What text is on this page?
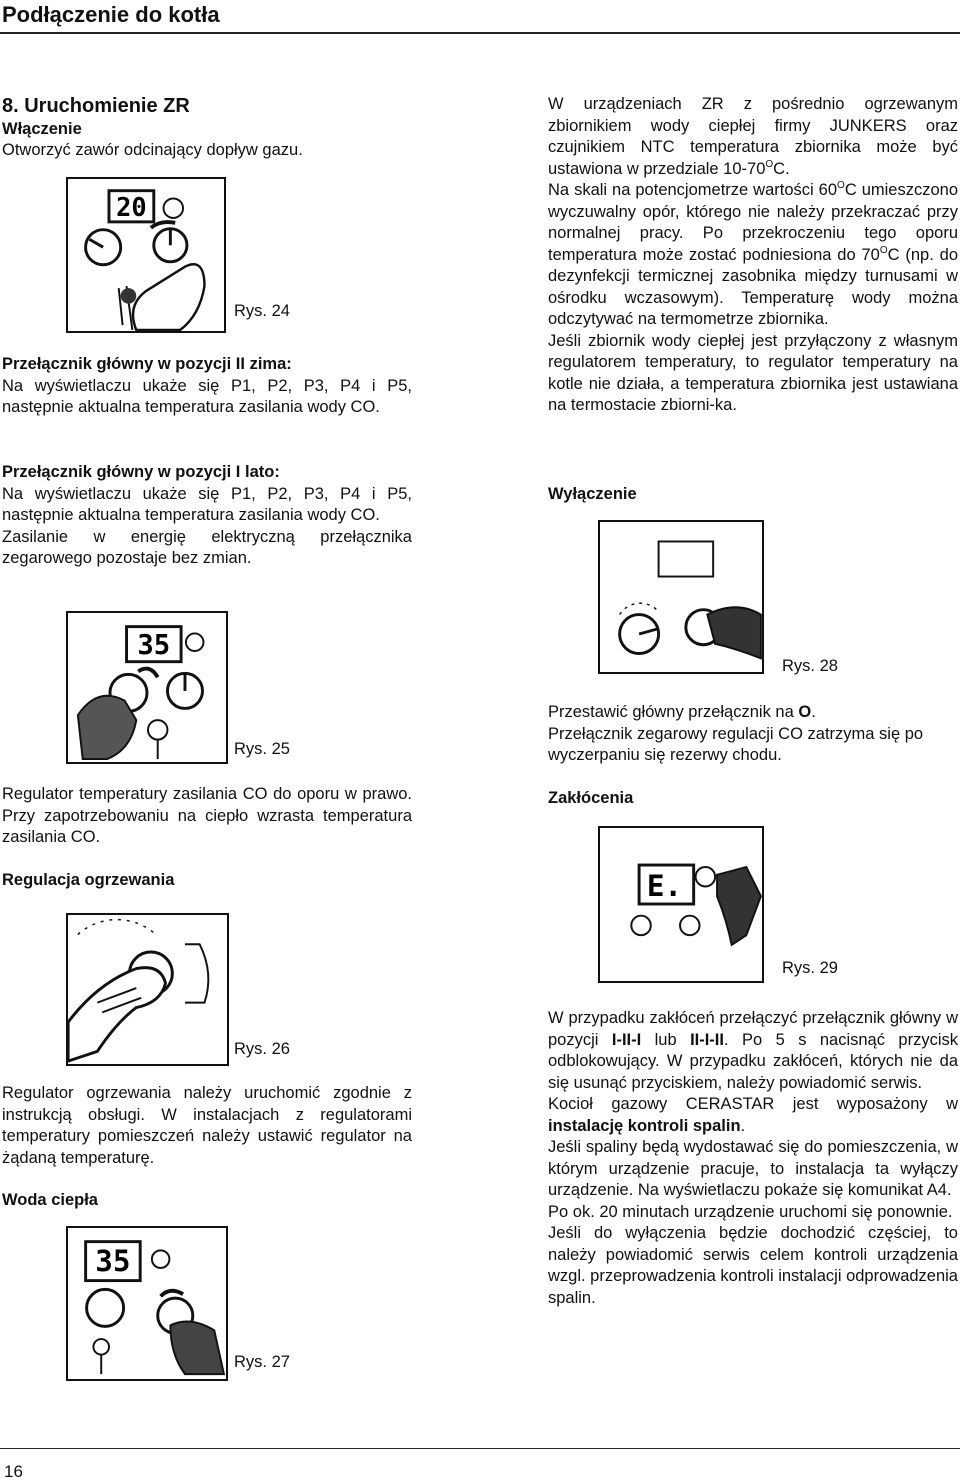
Podłączenie do kotła
8. Uruchomienie ZR
Włączenie
Otworzyć zawór odcinający dopływ gazu.
20
Rys. 24

Przełącznik główny w pozycji II zima:

Na wyświetlaczu ukaże się P1, P2, P3, P4 i P5, następnie aktualna temperatura zasilania wody CO.

Przełącznik główny w pozycji I lato:

Na wyświetlaczu ukaże się P1, P2, P3, P4 i P5, następnie aktualna temperatura zasilania wody CO.

Zasilanie w energię elektryczną przełącznika zegarowego pozostaje bez zmian.

35
Rys. 25
Regulator temperatury zasilania CO do oporu w prawo. Przy zapotrzebowaniu na ciepło wzrasta temperatura zasilania CO.
Regulacja ogrzewania
Rys. 26
Regulator ogrzewania należy uruchomić zgodnie z instrukcją obsługi. W instalacjach z regulatorami temperatury pomieszczeń należy ustawić regulator na żądaną temperaturę.
Woda ciepła
35
Rys. 27

W urządzeniach ZR z pośrednio ogrzewanym zbiornikiem wody ciepłej firmy JUNKERS oraz czujnikiem NTC temperatura zbiornika może być ustawiona w przedziale $10-70^OC$.

Na skali na potencjometrze wartości $60^OC$ umieszczono wyczuwalny opór, którego nie należy przekraczać przy normalnej pracy. Po przekroczeniu tego oporu temperatura może zostać podniesiona do $70^OC$ (np. do dezynfekcji termicznej zasobnika między turnusami w ośrodku wczasowym). Temperaturę wody można odczytywać na termometrze zbiornika.

Jeśli zbiornik wody ciepłej jest przyłączony z własnym regulatorem temperatury, to regulator temperatury na kotle nie działa, a temperatura zbiornika jest ustawiana na termostacie zbiorni-ka.

Wyłączenie
Rys. 28

Przestawić główny przełącznik na O.

Przełącznik zegarowy regulacji CO zatrzyma się po wyczerpaniu się rezerwy chodu.

Zakłócenia
E.
Rys. 29

W przypadku zakłóceń przełączyć przełącznik główny w pozycji I-II-I lub II-I-II. Po 5 s nacisnąć przycisk odblokowujący. W przypadku zakłóceń, których nie da się usunąć przyciskiem, należy powiadomić serwis.

Kocioł gazowy CERASTAR jest wyposażony w instalację kontroli spalin.

Jeśli spaliny będą wydostawać się do pomieszczenia, w którym urządzenie pracuje, to instalacja ta wyłączy urządzenie. Na wyświetlaczu pokaże się komunikat A4.

Po ok. 20 minutach urządzenie uruchomi się ponownie.

Jeśli do wyłączenia będzie dochodzić częściej, to należy powiadomić serwis celem kontroli urządzenia wzgl. przeprowadzenia kontroli instalacji odprowadzenia spalin.

16
